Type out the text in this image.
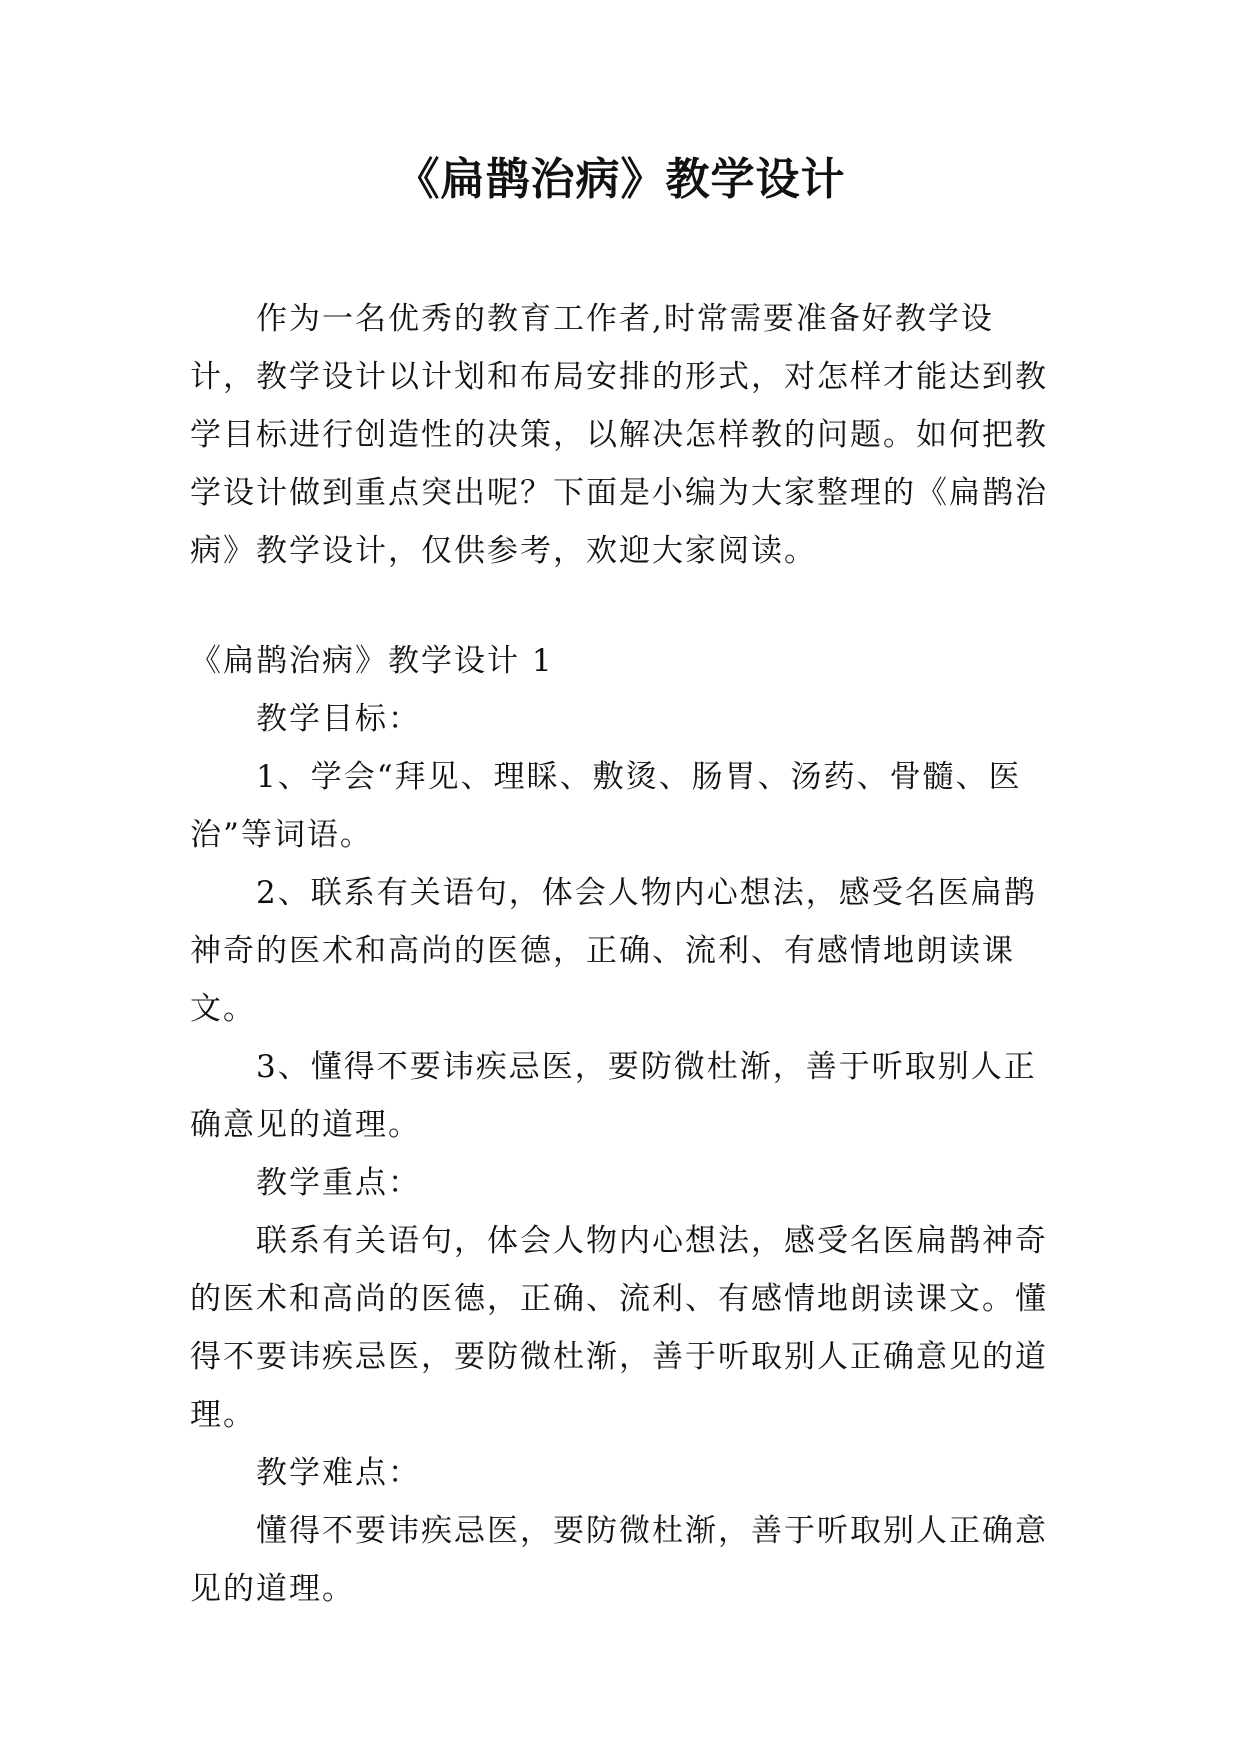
《扁鹊治病》教学设计

作为一名优秀的教育工作者,时常需要准备好教学设计，教学设计以计划和布局安排的形式，对怎样才能达到教学目标进行创造性的决策，以解决怎样教的问题。如何把教学设计做到重点突出呢？下面是小编为大家整理的《扁鹊治病》教学设计，仅供参考，欢迎大家阅读。

《扁鹊治病》教学设计 1

教学目标：

1、学会“拜见、理睬、敷烫、肠胃、汤药、骨髓、医治”等词语。

2、联系有关语句，体会人物内心想法，感受名医扁鹊神奇的医术和高尚的医德，正确、流利、有感情地朗读课文。

3、懂得不要讳疾忌医，要防微杜渐，善于听取别人正确意见的道理。

教学重点：

联系有关语句，体会人物内心想法，感受名医扁鹊神奇的医术和高尚的医德，正确、流利、有感情地朗读课文。懂得不要讳疾忌医，要防微杜渐，善于听取别人正确意见的道理。

教学难点：

懂得不要讳疾忌医，要防微杜渐，善于听取别人正确意见的道理。
